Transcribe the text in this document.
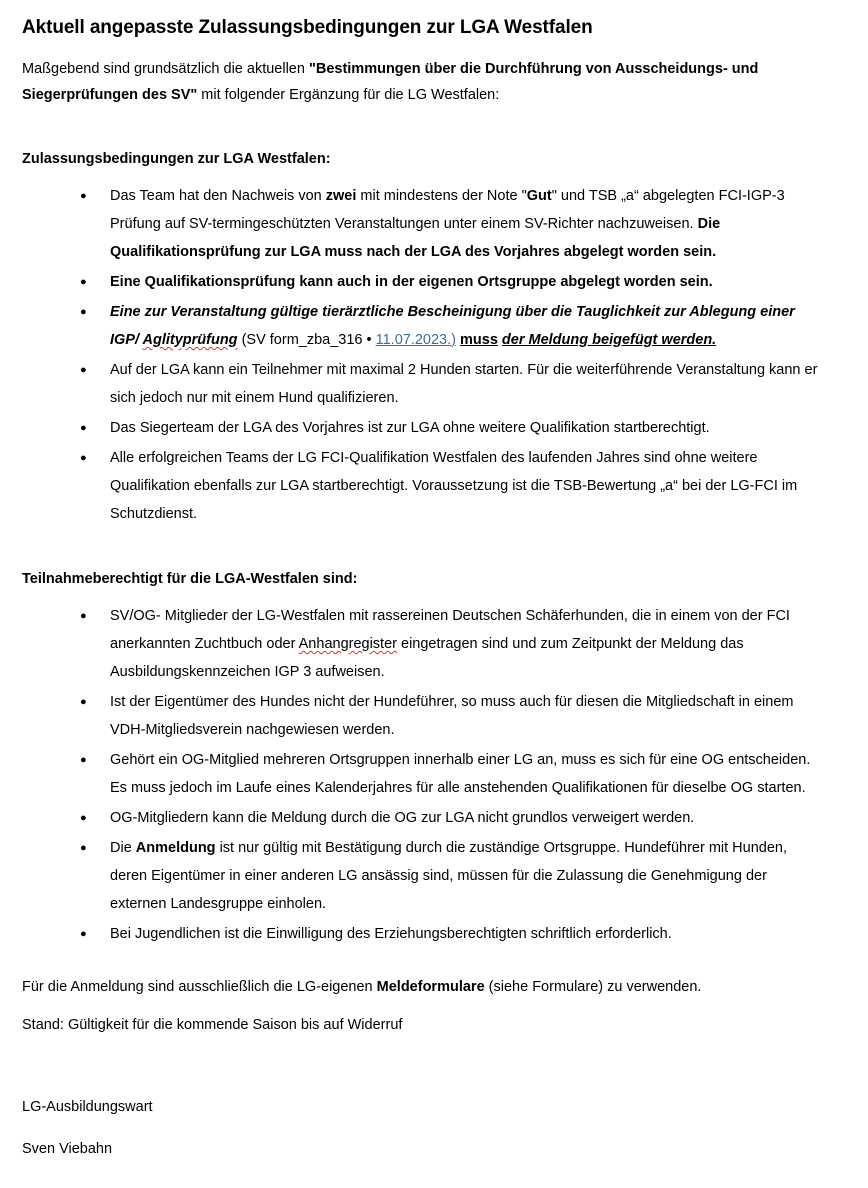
Aktuell angepasste Zulassungsbedingungen zur LGA Westfalen

Maßgebend sind grundsätzlich die aktuellen "Bestimmungen über die Durchführung von Ausscheidungs- und Siegerprüfungen des SV" mit folgender Ergänzung für die LG Westfalen:

Zulassungsbedingungen zur LGA Westfalen:
● Das Team hat den Nachweis von zwei mit mindestens der Note "Gut" und TSB „a“ abgelegten FCI-IGP-3 Prüfung auf SV-termingeschützten Veranstaltungen unter einem SV-Richter nachzuweisen. Die Qualifikationsprüfung zur LGA muss nach der LGA des Vorjahres abgelegt worden sein.
● Eine Qualifikationsprüfung kann auch in der eigenen Ortsgruppe abgelegt worden sein.
● Eine zur Veranstaltung gültige tierärztliche Bescheinigung über die Tauglichkeit zur Ablegung einer IGP/ Aglityprüfung (SV form_zba_316 • 11.07.2023.) muss der Meldung beigefügt werden.
● Auf der LGA kann ein Teilnehmer mit maximal 2 Hunden starten. Für die weiterführende Veranstaltung kann er sich jedoch nur mit einem Hund qualifizieren.
● Das Siegerteam der LGA des Vorjahres ist zur LGA ohne weitere Qualifikation startberechtigt.
● Alle erfolgreichen Teams der LG FCI-Qualifikation Westfalen des laufenden Jahres sind ohne weitere Qualifikation ebenfalls zur LGA startberechtigt. Voraussetzung ist die TSB-Bewertung „a“ bei der LG-FCI im Schutzdienst.
Teilnahmeberechtigt für die LGA-Westfalen sind:
● SV/OG- Mitglieder der LG-Westfalen mit rassereinen Deutschen Schäferhunden, die in einem von der FCI anerkannten Zuchtbuch oder Anhangregister eingetragen sind und zum Zeitpunkt der Meldung das Ausbildungskennzeichen IGP 3 aufweisen.
● Ist der Eigentümer des Hundes nicht der Hundeführer, so muss auch für diesen die Mitgliedschaft in einem VDH-Mitgliedsverein nachgewiesen werden.
● Gehört ein OG-Mitglied mehreren Ortsgruppen innerhalb einer LG an, muss es sich für eine OG entscheiden. Es muss jedoch im Laufe eines Kalenderjahres für alle anstehenden Qualifikationen für dieselbe OG starten.
● OG-Mitgliedern kann die Meldung durch die OG zur LGA nicht grundlos verweigert werden.
● Die Anmeldung ist nur gültig mit Bestätigung durch die zuständige Ortsgruppe. Hundeführer mit Hunden, deren Eigentümer in einer anderen LG ansässig sind, müssen für die Zulassung die Genehmigung der externen Landesgruppe einholen.
● Bei Jugendlichen ist die Einwilligung des Erziehungsberechtigten schriftlich erforderlich.

Für die Anmeldung sind ausschließlich die LG-eigenen Meldeformulare (siehe Formulare) zu verwenden.

Stand: Gültigkeit für die kommende Saison bis auf Widerruf

LG-Ausbildungswart

Sven Viebahn
